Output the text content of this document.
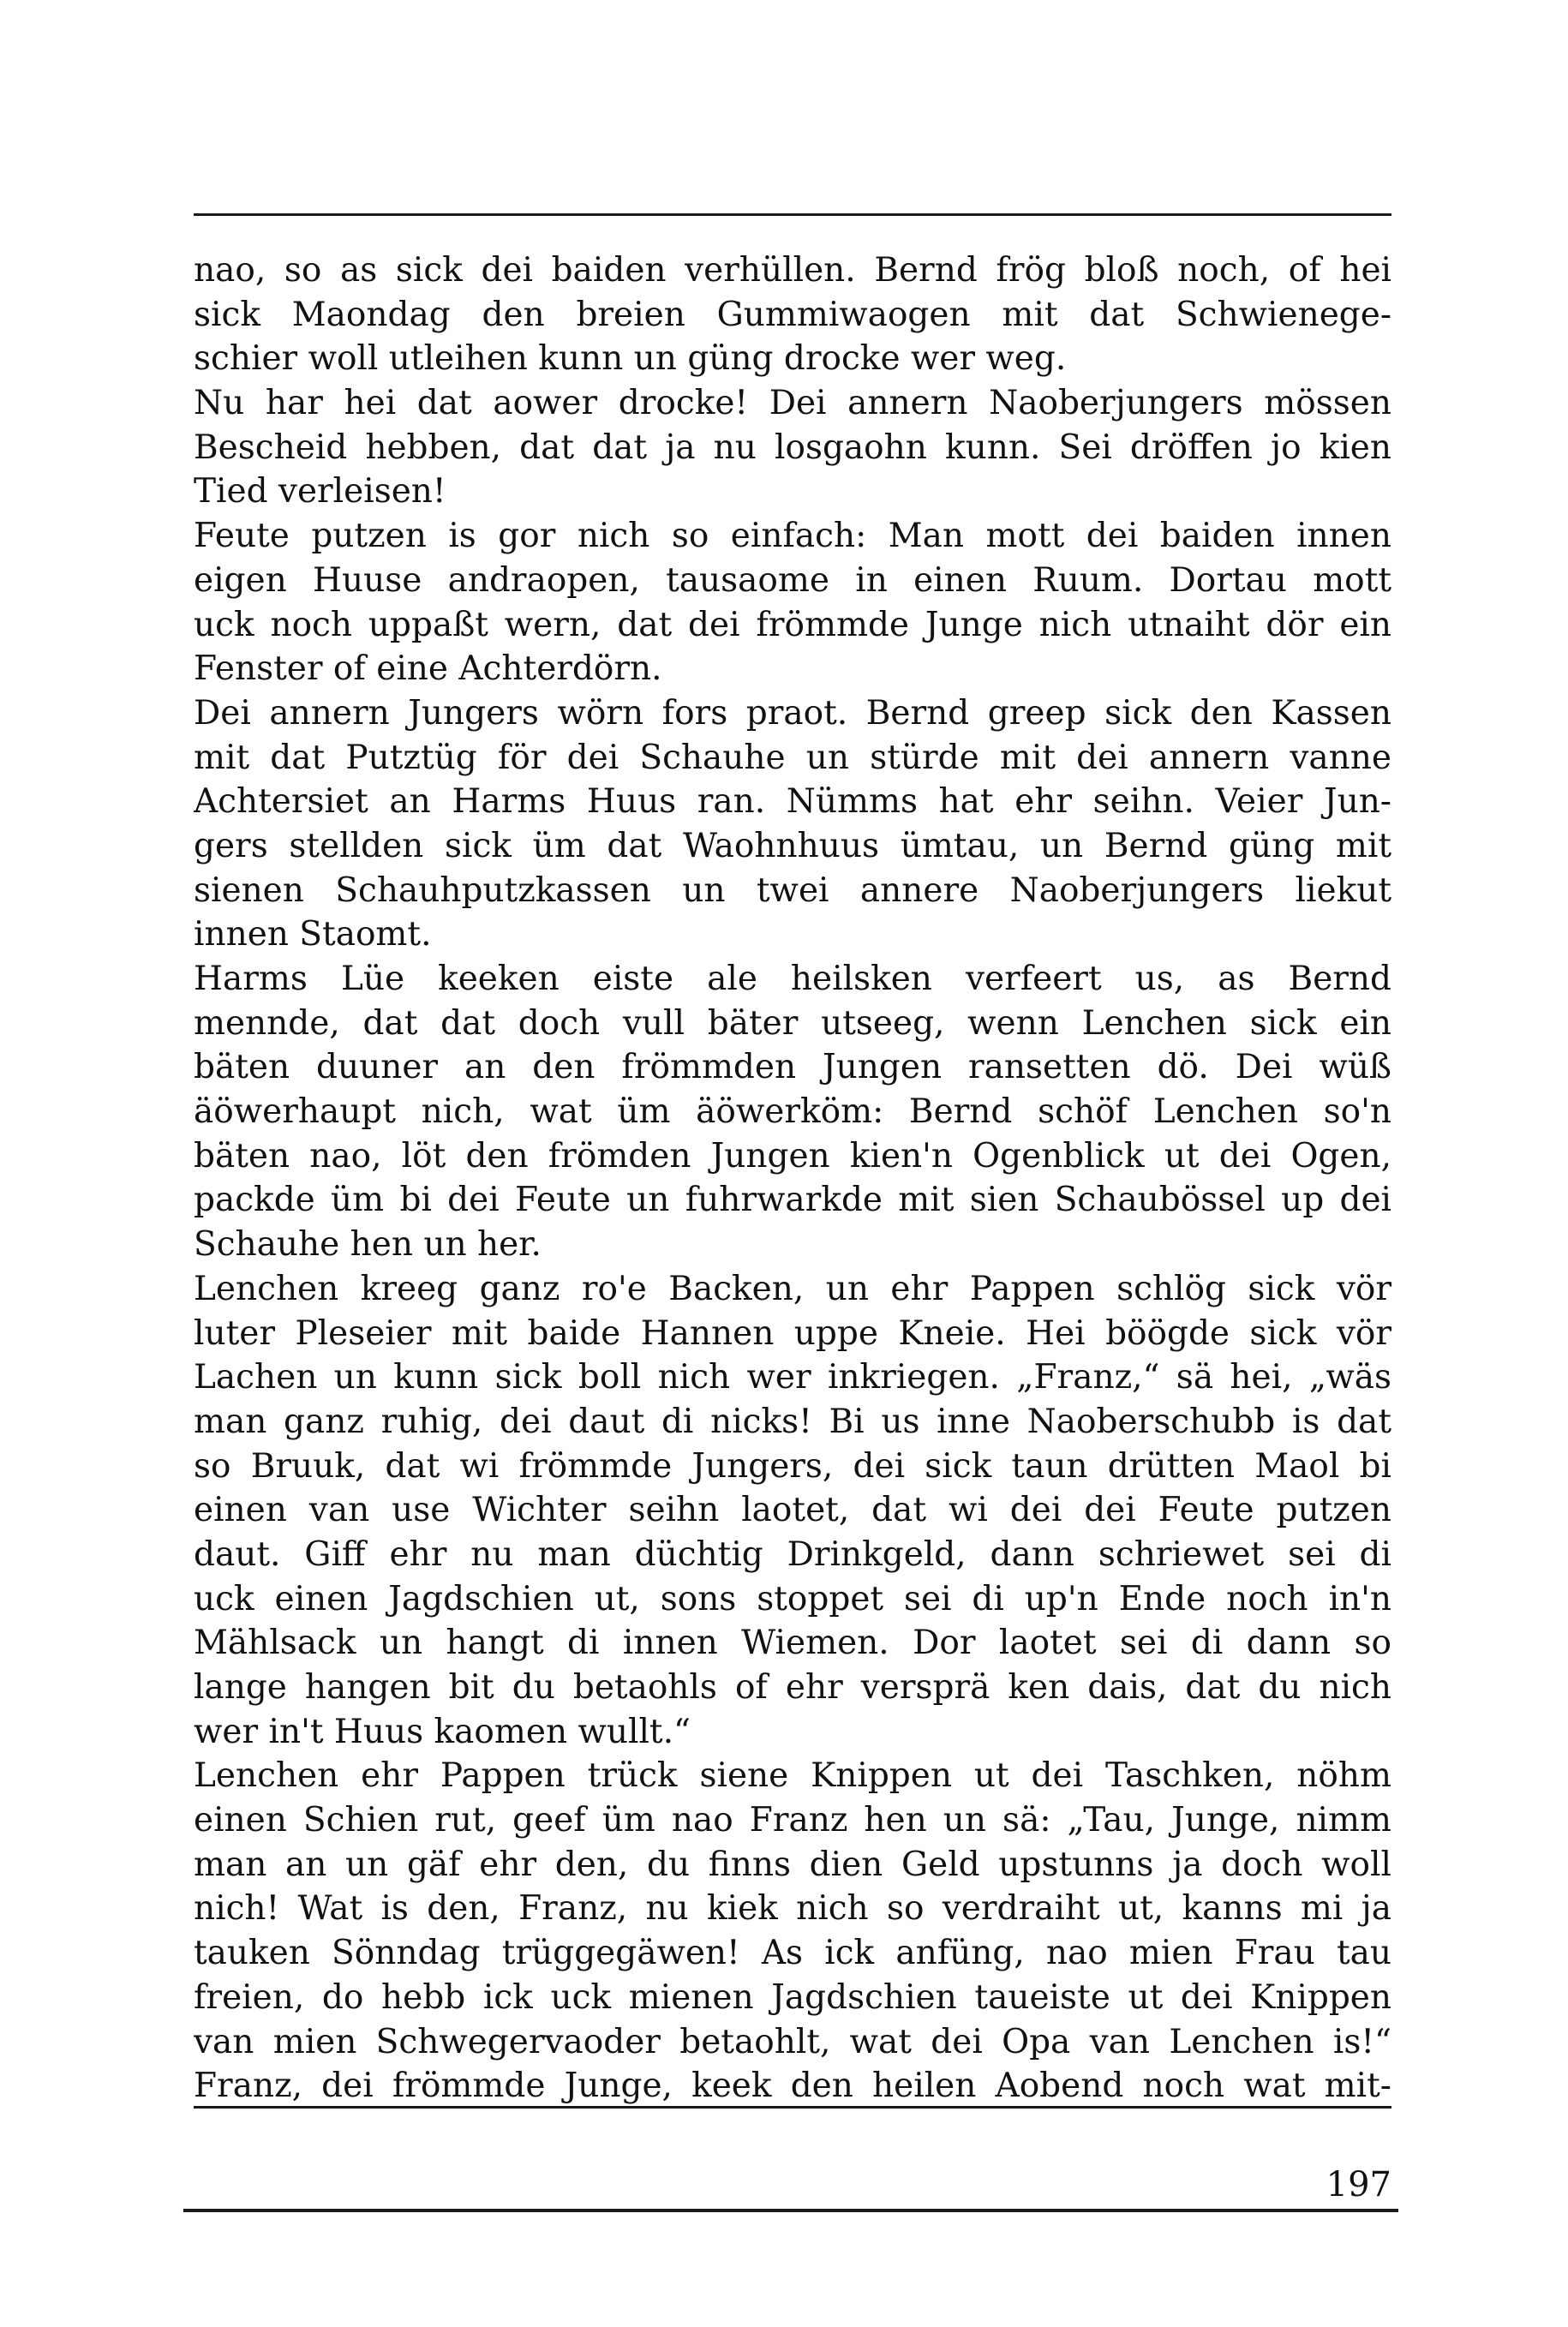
nao, so as sick dei baiden verhüllen. Bernd frög bloß noch, of hei
sick Maondag den breien Gummiwaogen mit dat Schwienege-
schier woll utleihen kunn un güng drocke wer weg.
Nu har hei dat aower drocke! Dei annern Naoberjungers mössen
Bescheid hebben, dat dat ja nu losgaohn kunn. Sei dröffen jo kien
Tied verleisen!
Feute putzen is gor nich so einfach: Man mott dei baiden innen
eigen Huuse andraopen, tausaome in einen Ruum. Dortau mott
uck noch uppaßt wern, dat dei frömmde Junge nich utnaiht dör ein
Fenster of eine Achterdörn.
Dei annern Jungers wörn fors praot. Bernd greep sick den Kassen
mit dat Putztüg för dei Schauhe un stürde mit dei annern vanne
Achtersiet an Harms Huus ran. Nümms hat ehr seihn. Veier Jun-
gers stellden sick üm dat Waohnhuus ümtau, un Bernd güng mit
sienen Schauhputzkassen un twei annere Naoberjungers liekut
innen Staomt.
Harms Lüe keeken eiste ale heilsken verfeert us, as Bernd
mennde, dat dat doch vull bäter utseeg, wenn Lenchen sick ein
bäten duuner an den frömmden Jungen ransetten dö. Dei wüß
äöwerhaupt nich, wat üm äöwerköm: Bernd schöf Lenchen so'n
bäten nao, löt den frömden Jungen kien'n Ogenblick ut dei Ogen,
packde üm bi dei Feute un fuhrwarkde mit sien Schaubössel up dei
Schauhe hen un her.
Lenchen kreeg ganz ro'e Backen, un ehr Pappen schlög sick vör
luter Pleseier mit baide Hannen uppe Kneie. Hei böögde sick vör
Lachen un kunn sick boll nich wer inkriegen. „Franz,“ sä hei, „wäs
man ganz ruhig, dei daut di nicks! Bi us inne Naoberschubb is dat
so Bruuk, dat wi frömmde Jungers, dei sick taun drütten Maol bi
einen van use Wichter seihn laotet, dat wi dei dei Feute putzen
daut. Giff ehr nu man düchtig Drinkgeld, dann schriewet sei di
uck einen Jagdschien ut, sons stoppet sei di up'n Ende noch in'n
Mählsack un hangt di innen Wiemen. Dor laotet sei di dann so
lange hangen bit du betaohls of ehr versprä ken dais, dat du nich
wer in't Huus kaomen wullt.“
Lenchen ehr Pappen trück siene Knippen ut dei Taschken, nöhm
einen Schien rut, geef üm nao Franz hen un sä: „Tau, Junge, nimm
man an un gäf ehr den, du finns dien Geld upstunns ja doch woll
nich! Wat is den, Franz, nu kiek nich so verdraiht ut, kanns mi ja
tauken Sönndag trüggegäwen! As ick anfüng, nao mien Frau tau
freien, do hebb ick uck mienen Jagdschien taueiste ut dei Knippen
van mien Schwegervaoder betaohlt, wat dei Opa van Lenchen is!“
Franz, dei frömmde Junge, keek den heilen Aobend noch wat mit-
197
